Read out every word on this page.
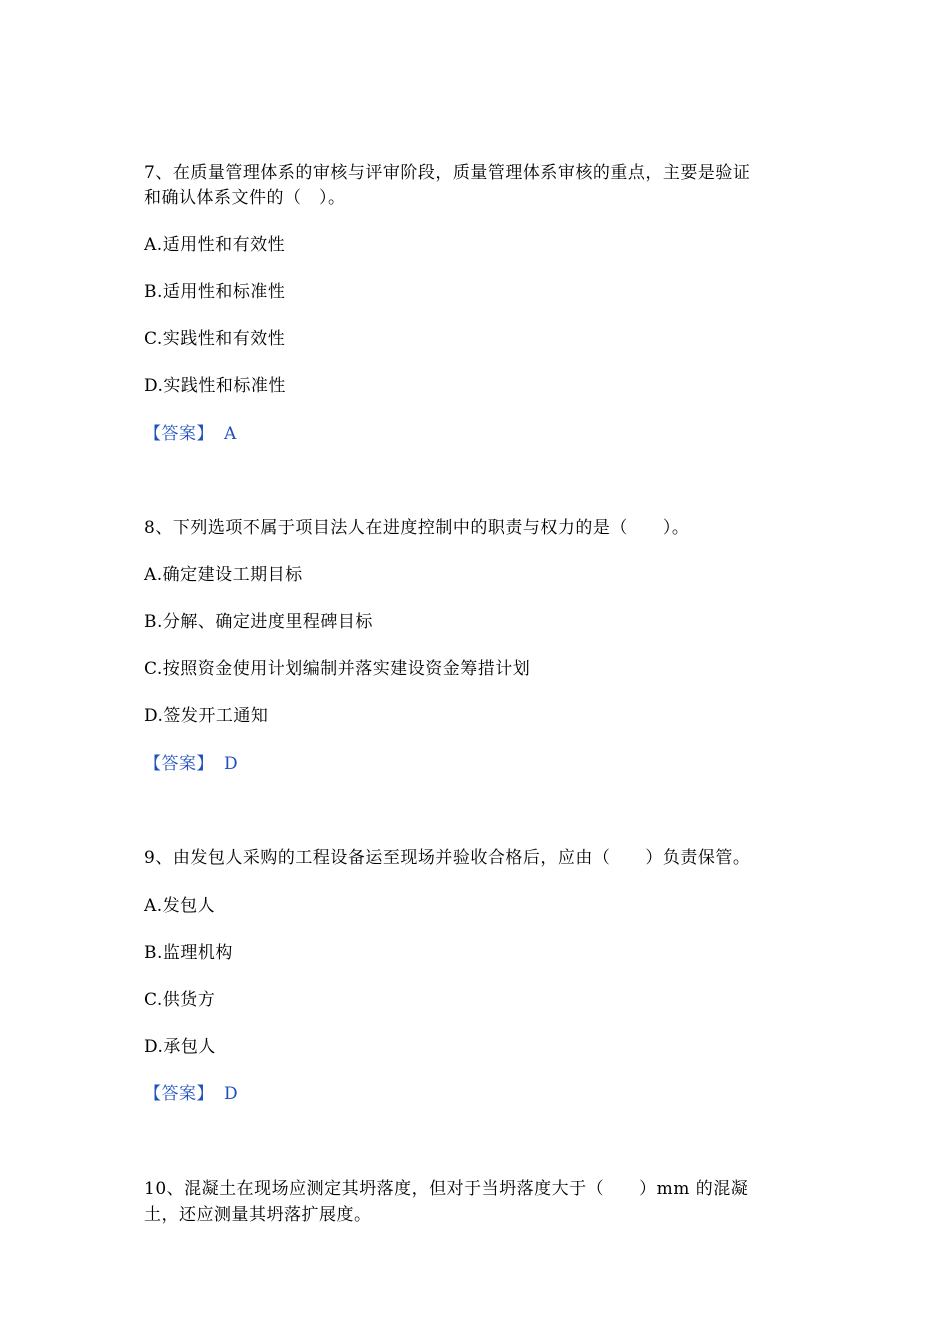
7、在质量管理体系的审核与评审阶段，质量管理体系审核的重点，主要是验证
和确认体系文件的（　）。
A.适用性和有效性
B.适用性和标准性
C.实践性和有效性
D.实践性和标准性
【答案】 A
8、下列选项不属于项目法人在进度控制中的职责与权力的是（　　）。
A.确定建设工期目标
B.分解、确定进度里程碑目标
C.按照资金使用计划编制并落实建设资金筹措计划
D.签发开工通知
【答案】 D
9、由发包人采购的工程设备运至现场并验收合格后，应由（　　）负责保管。
A.发包人
B.监理机构
C.供货方
D.承包人
【答案】 D
10、混凝土在现场应测定其坍落度，但对于当坍落度大于（　　）mm 的混凝
土，还应测量其坍落扩展度。
